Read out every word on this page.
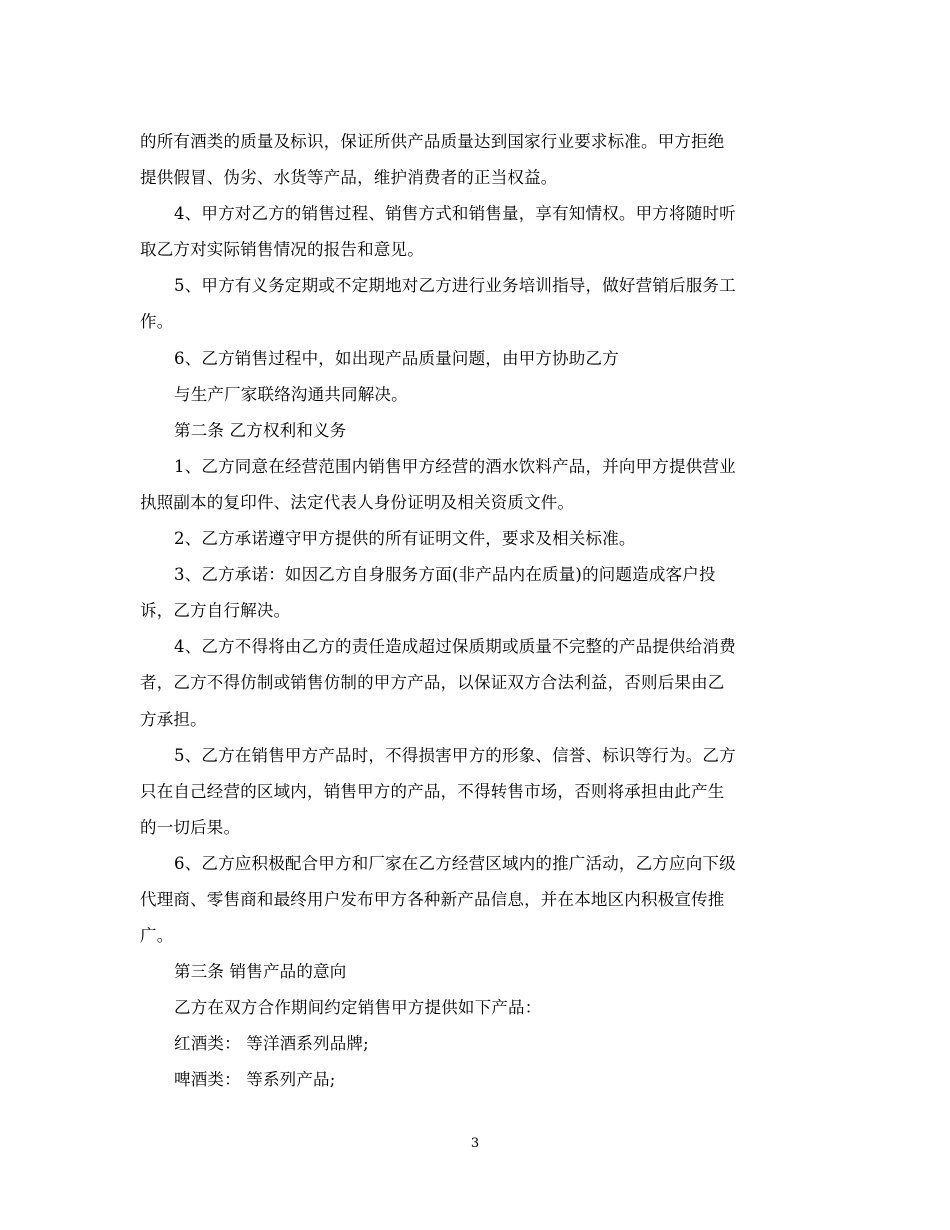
的所有酒类的质量及标识，保证所供产品质量达到国家行业要求标准。甲方拒绝
提供假冒、伪劣、水货等产品，维护消费者的正当权益。
4、甲方对乙方的销售过程、销售方式和销售量，享有知情权。甲方将随时听
取乙方对实际销售情况的报告和意见。
5、甲方有义务定期或不定期地对乙方进行业务培训指导，做好营销后服务工
作。
6、乙方销售过程中，如出现产品质量问题，由甲方协助乙方
与生产厂家联络沟通共同解决。
第二条 乙方权利和义务
1、乙方同意在经营范围内销售甲方经营的酒水饮料产品，并向甲方提供营业
执照副本的复印件、法定代表人身份证明及相关资质文件。
2、乙方承诺遵守甲方提供的所有证明文件，要求及相关标准。
3、乙方承诺：如因乙方自身服务方面(非产品内在质量)的问题造成客户投
诉，乙方自行解决。
4、乙方不得将由乙方的责任造成超过保质期或质量不完整的产品提供给消费
者，乙方不得仿制或销售仿制的甲方产品，以保证双方合法利益，否则后果由乙
方承担。
5、乙方在销售甲方产品时，不得损害甲方的形象、信誉、标识等行为。乙方
只在自己经营的区域内，销售甲方的产品，不得转售市场，否则将承担由此产生
的一切后果。
6、乙方应积极配合甲方和厂家在乙方经营区域内的推广活动，乙方应向下级
代理商、零售商和最终用户发布甲方各种新产品信息，并在本地区内积极宣传推
广。
第三条 销售产品的意向
乙方在双方合作期间约定销售甲方提供如下产品：
红酒类： 等洋酒系列品牌;
啤酒类： 等系列产品;
3
